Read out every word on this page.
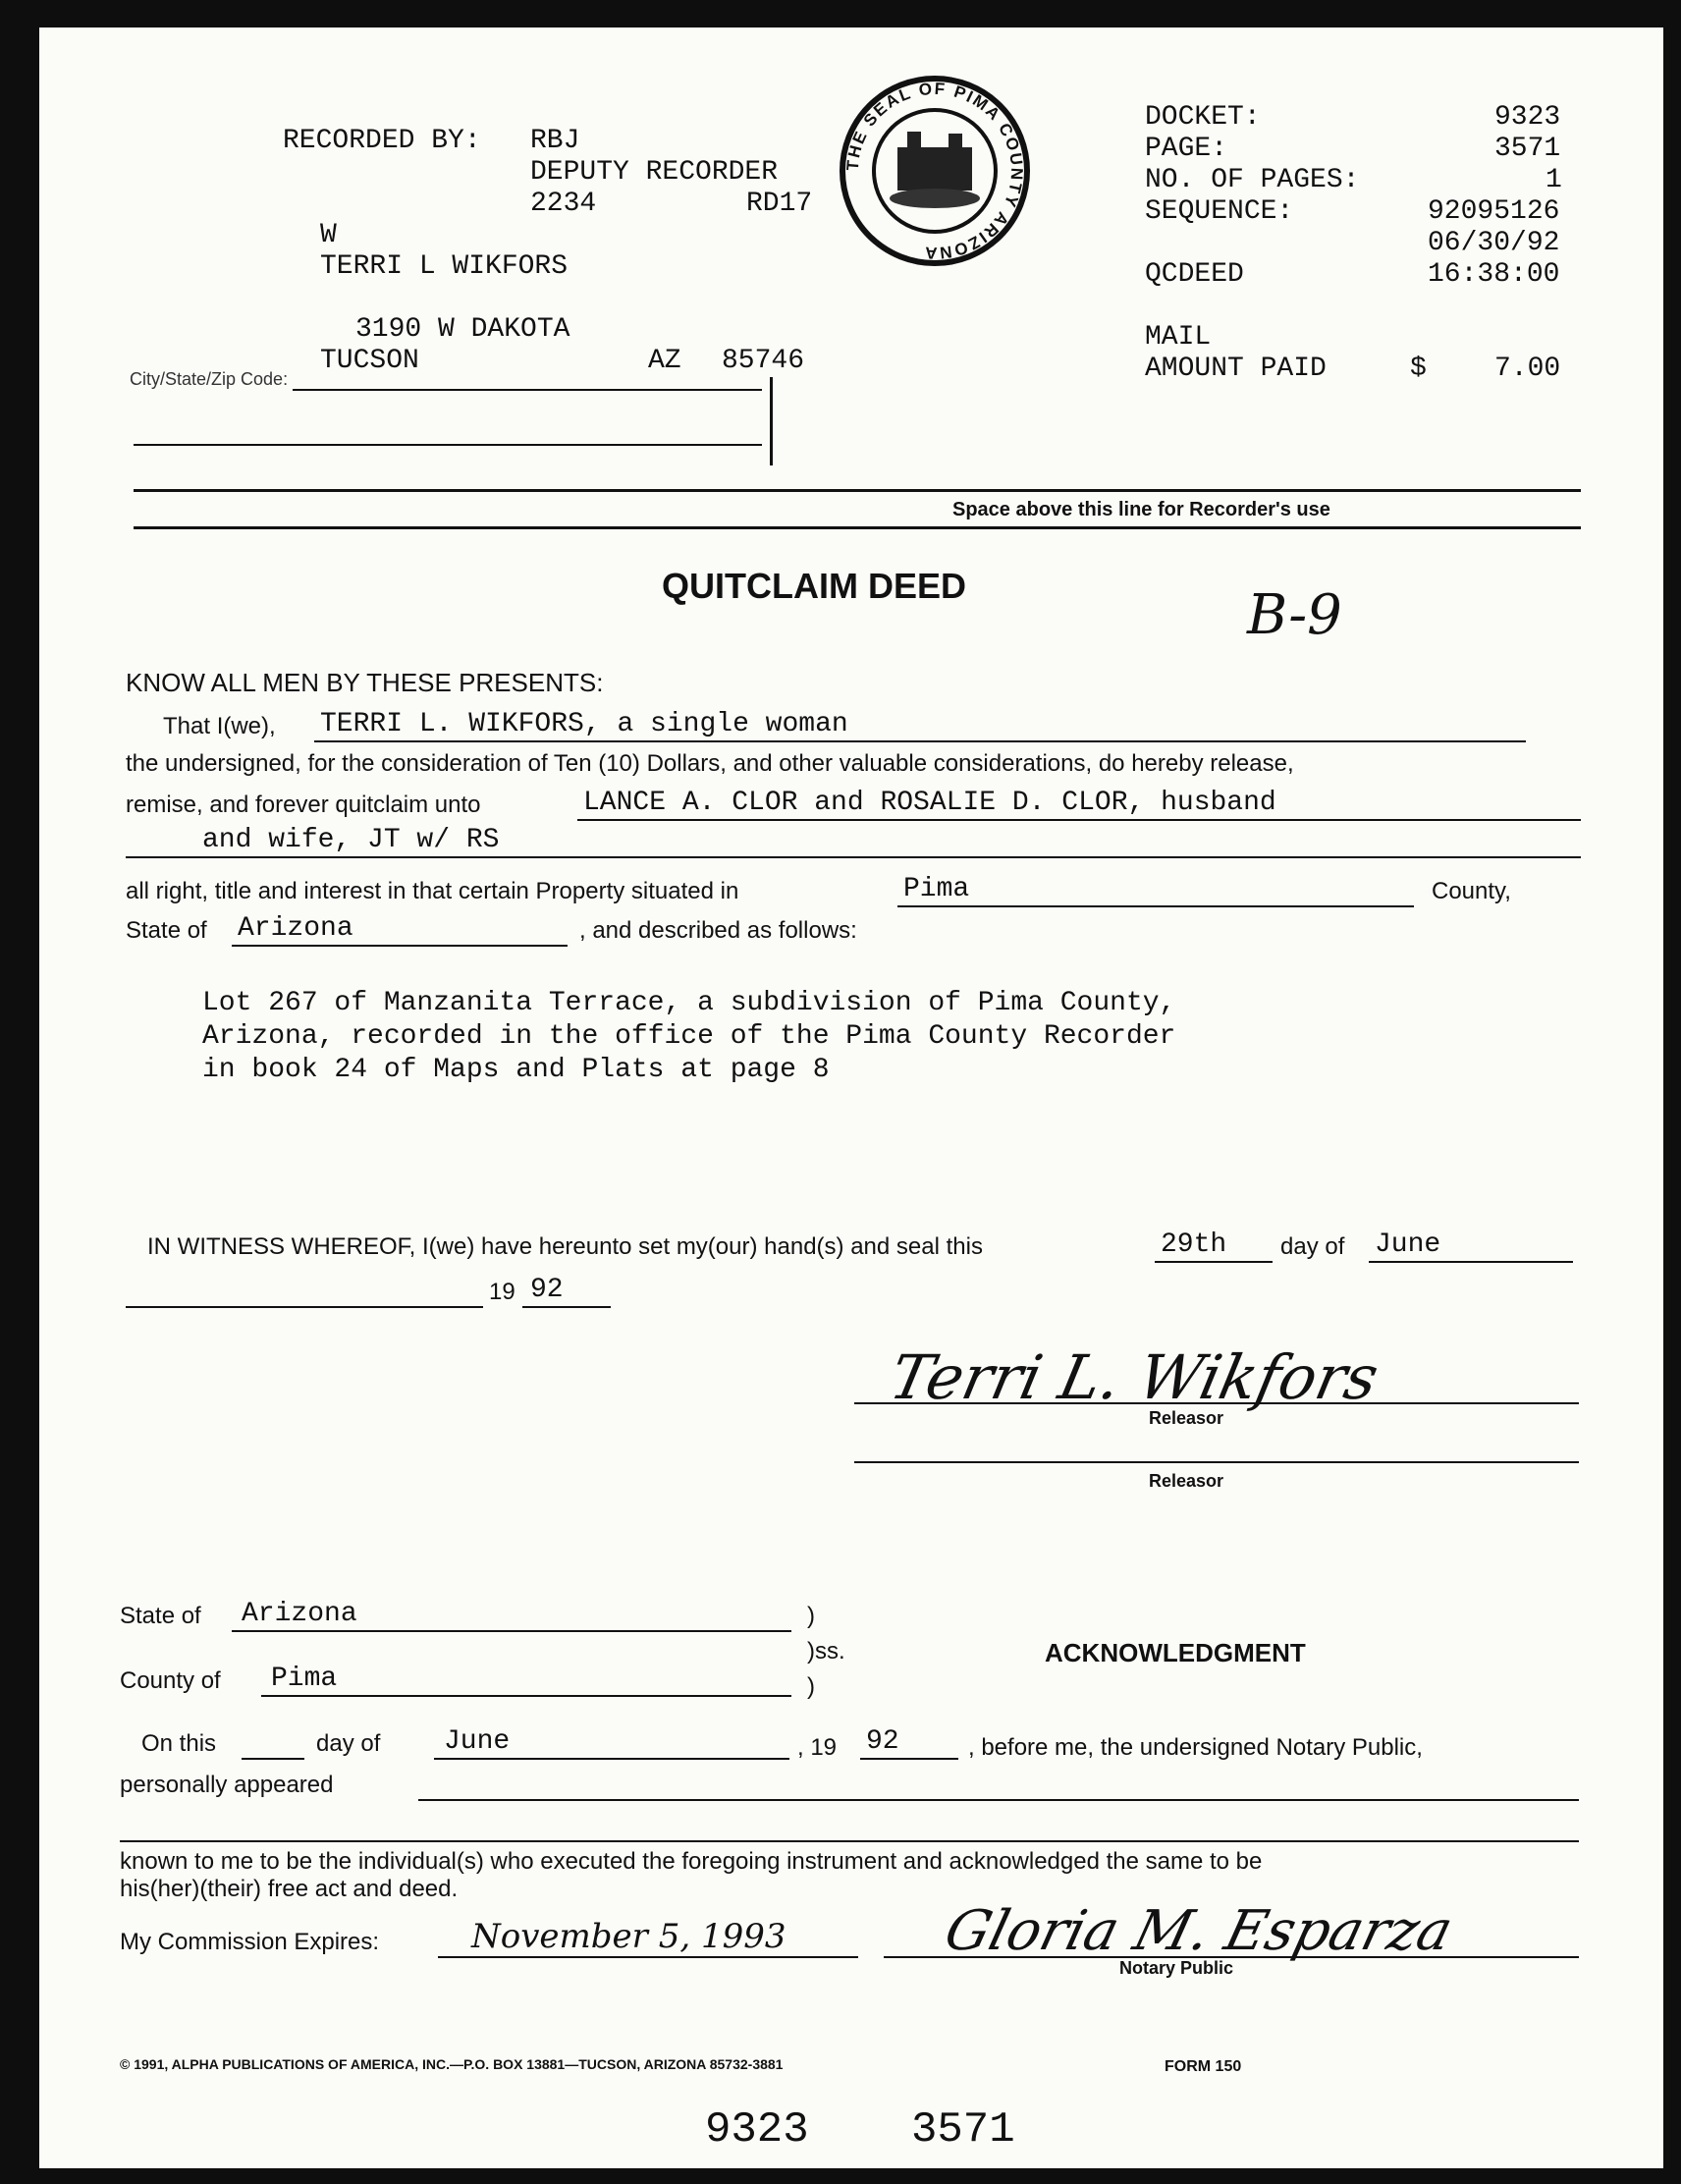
RECORDED BY: RBJ
DEPUTY RECORDER
2234	RD17
W
TERRI L WIKFORS
3190 W DAKOTA
TUCSON	AZ 85746
City/State/Zip Code:
THE SEAL OF PIMA COUNTY ARIZONA
DOCKET:	9323
PAGE:	3571
NO. OF PAGES:	1
SEQUENCE:	92095126
06/30/92
QCDEED	16:38:00
MAIL
AMOUNT PAID	$ 7.00
Space above this line for Recorder's use
QUITCLAIM DEED	B-9
KNOW ALL MEN BY THESE PRESENTS:
That I(we), TERRI L. WIKFORS, a single woman
the undersigned, for the consideration of Ten (10) Dollars, and other valuable considerations, do hereby release,
remise, and forever quitclaim unto	LANCE A. CLOR and ROSALIE D. CLOR, husband
and wife, JT w/ RS
all right, title and interest in that certain Property situated in	Pima	County,
State of Arizona	, and described as follows:
Lot 267 of Manzanita Terrace, a subdivision of Pima County,
Arizona, recorded in the office of the Pima County Recorder
in book 24 of Maps and Plats at page 8
IN WITNESS WHEREOF, I(we) have hereunto set my(our) hand(s) and seal this	29th day of June
19 92
Terri L. Wikfors
Releasor
Releasor
State of Arizona	)
)ss.	ACKNOWLEDGMENT
County of Pima	)
On this	day of June	, 19 92	, before me, the undersigned Notary Public,
personally appeared
known to me to be the individual(s) who executed the foregoing instrument and acknowledged the same to be
his(her)(their) free act and deed.
My Commission Expires:	November 5, 1993	Gloria M. Esparza
Notary Public
© 1991, ALPHA PUBLICATIONS OF AMERICA, INC.—P.O. BOX 13881—TUCSON, ARIZONA 85732-3881	FORM 150
9323 3571
